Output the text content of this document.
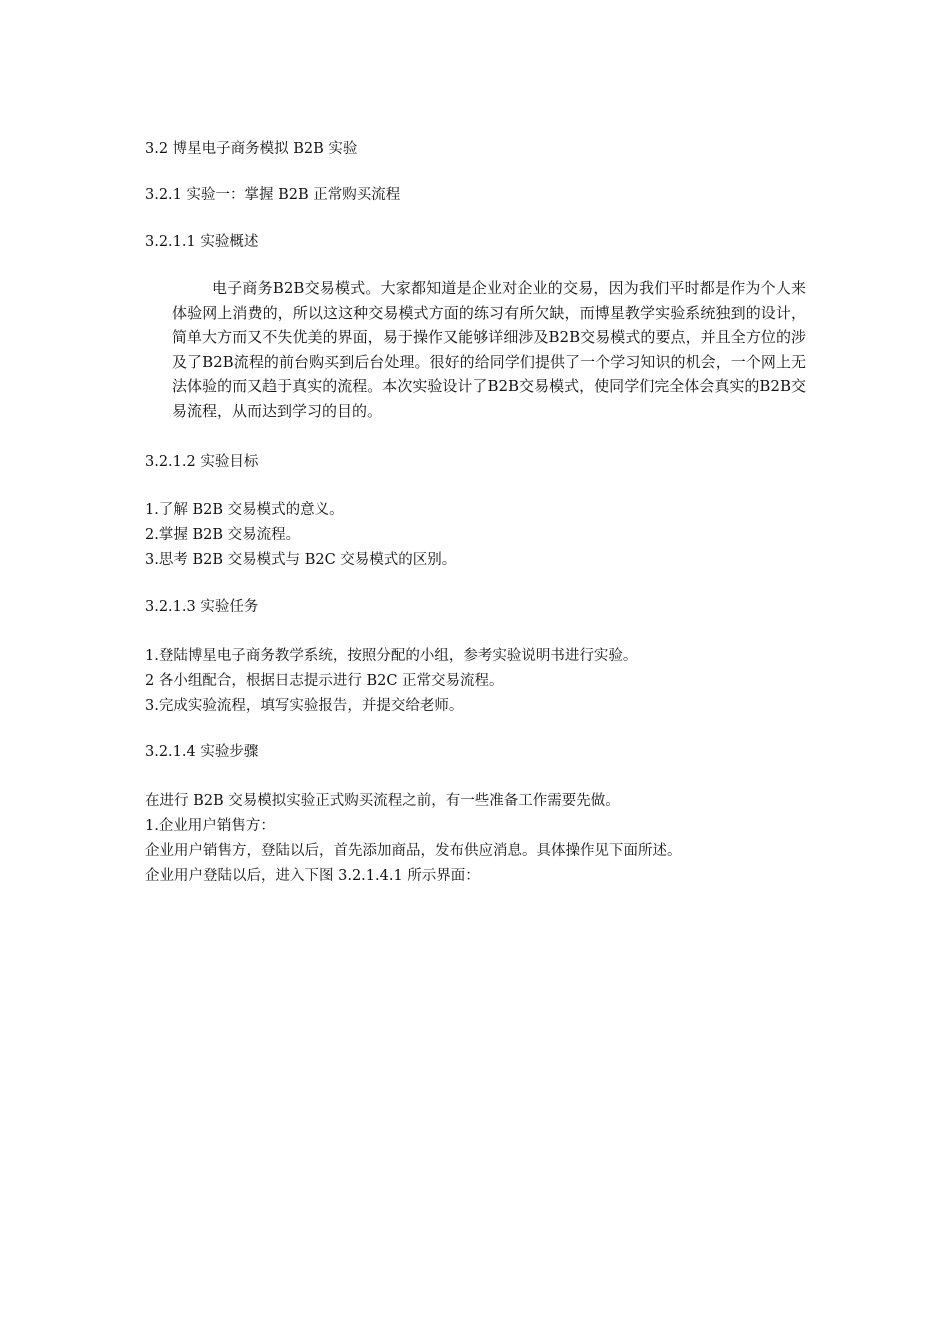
3.2 博星电子商务模拟 B2B 实验
3.2.1 实验一：掌握 B2B 正常购买流程
3.2.1.1 实验概述
电子商务B2B交易模式。大家都知道是企业对企业的交易，因为我们平时都是作为个人来体验网上消费的，所以这这种交易模式方面的练习有所欠缺，而博星教学实验系统独到的设计，简单大方而又不失优美的界面，易于操作又能够详细涉及B2B交易模式的要点，并且全方位的涉及了B2B流程的前台购买到后台处理。很好的给同学们提供了一个学习知识的机会，一个网上无法体验的而又趋于真实的流程。本次实验设计了B2B交易模式，使同学们完全体会真实的B2B交易流程，从而达到学习的目的。
3.2.1.2 实验目标
1.了解 B2B 交易模式的意义。
2.掌握 B2B 交易流程。
3.思考 B2B 交易模式与 B2C 交易模式的区别。
3.2.1.3 实验任务
1.登陆博星电子商务教学系统，按照分配的小组，参考实验说明书进行实验。
2 各小组配合，根据日志提示进行 B2C 正常交易流程。
3.完成实验流程，填写实验报告，并提交给老师。
3.2.1.4 实验步骤
在进行 B2B 交易模拟实验正式购买流程之前，有一些准备工作需要先做。
1.企业用户销售方：
企业用户销售方，登陆以后，首先添加商品，发布供应消息。具体操作见下面所述。
企业用户登陆以后，进入下图 3.2.1.4.1 所示界面：
